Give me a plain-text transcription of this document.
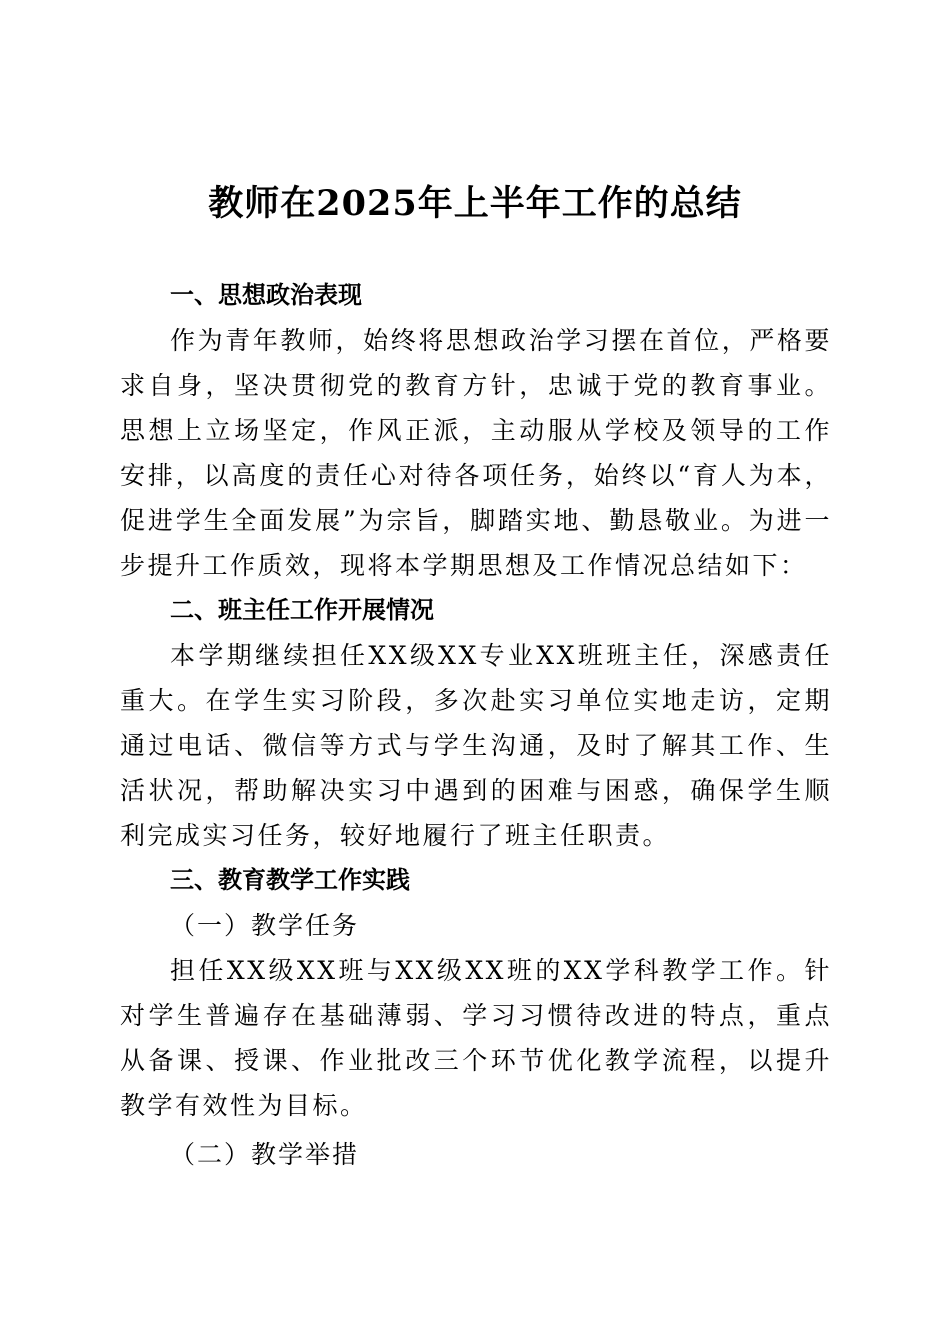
教师在2025年上半年工作的总结

一、思想政治表现

作为青年教师，始终将思想政治学习摆在首位，严格要求自身，坚决贯彻党的教育方针，忠诚于党的教育事业。思想上立场坚定，作风正派，主动服从学校及领导的工作安排，以高度的责任心对待各项任务，始终以“育人为本，促进学生全面发展”为宗旨，脚踏实地、勤恳敬业。为进一步提升工作质效，现将本学期思想及工作情况总结如下：

二、班主任工作开展情况

本学期继续担任XX级XX专业XX班班主任，深感责任重大。在学生实习阶段，多次赴实习单位实地走访，定期通过电话、微信等方式与学生沟通，及时了解其工作、生活状况，帮助解决实习中遇到的困难与困惑，确保学生顺利完成实习任务，较好地履行了班主任职责。

三、教育教学工作实践

（一）教学任务

担任XX级XX班与XX级XX班的XX学科教学工作。针对学生普遍存在基础薄弱、学习习惯待改进的特点，重点从备课、授课、作业批改三个环节优化教学流程，以提升教学有效性为目标。

（二）教学举措
